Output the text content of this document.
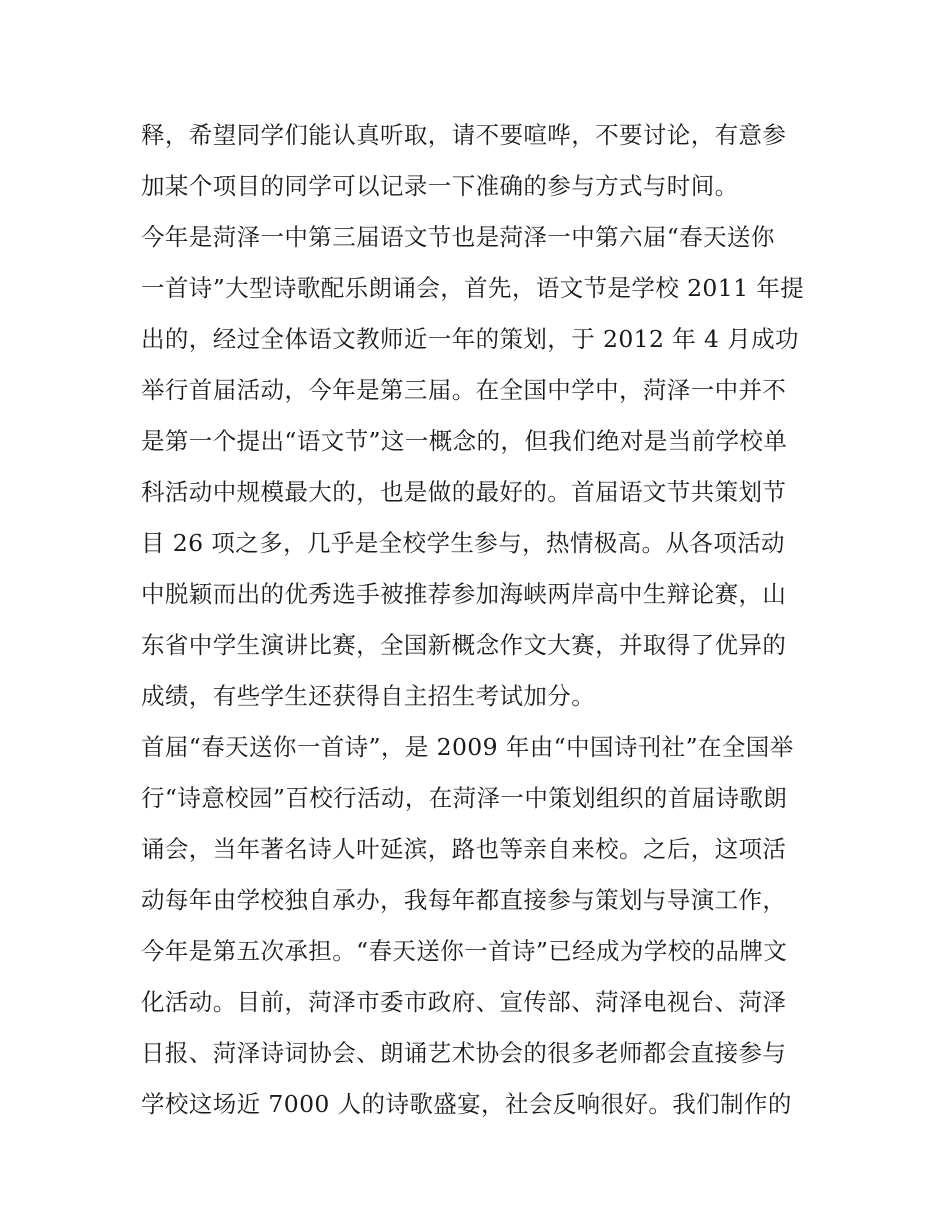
释，希望同学们能认真听取，请不要喧哗，不要讨论，有意参
加某个项目的同学可以记录一下准确的参与方式与时间。
今年是菏泽一中第三届语文节也是菏泽一中第六届“春天送你
一首诗”大型诗歌配乐朗诵会，首先，语文节是学校 2011 年提
出的，经过全体语文教师近一年的策划，于 2012 年 4 月成功
举行首届活动，今年是第三届。在全国中学中，菏泽一中并不
是第一个提出“语文节”这一概念的，但我们绝对是当前学校单
科活动中规模最大的，也是做的最好的。首届语文节共策划节
目 26 项之多，几乎是全校学生参与，热情极高。从各项活动
中脱颖而出的优秀选手被推荐参加海峡两岸高中生辩论赛，山
东省中学生演讲比赛，全国新概念作文大赛，并取得了优异的
成绩，有些学生还获得自主招生考试加分。
首届“春天送你一首诗”，是 2009 年由“中国诗刊社”在全国举
行“诗意校园”百校行活动，在菏泽一中策划组织的首届诗歌朗
诵会，当年著名诗人叶延滨，路也等亲自来校。之后，这项活
动每年由学校独自承办，我每年都直接参与策划与导演工作，
今年是第五次承担。“春天送你一首诗”已经成为学校的品牌文
化活动。目前，菏泽市委市政府、宣传部、菏泽电视台、菏泽
日报、菏泽诗词协会、朗诵艺术协会的很多老师都会直接参与
学校这场近 7000 人的诗歌盛宴，社会反响很好。我们制作的
